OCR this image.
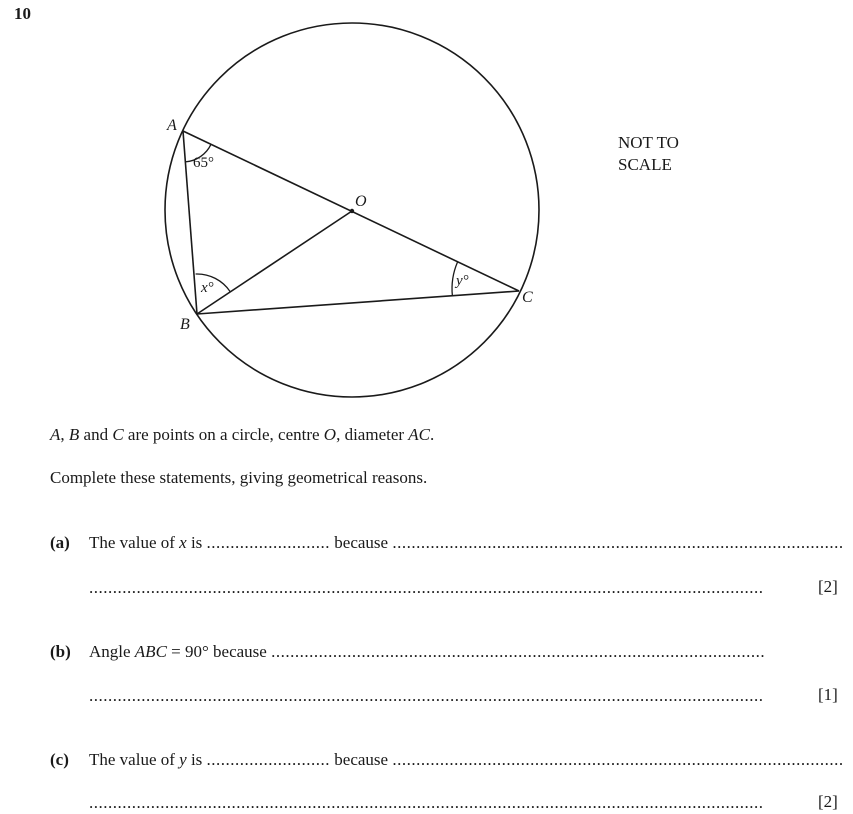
10
A
B
C
O
65°
x°	y°
NOT TO
SCALE
A, B and C are points on a circle, centre O, diameter AC.
Complete these statements, giving geometrical reasons.
(a) The value of x is .......................... because ...............................................................................................
..............................................................................................................................................	[2]
(b) Angle ABC = 90° because ........................................................................................................
..............................................................................................................................................	[1]
(c) The value of y is .......................... because ...............................................................................................
..............................................................................................................................................	[2]
